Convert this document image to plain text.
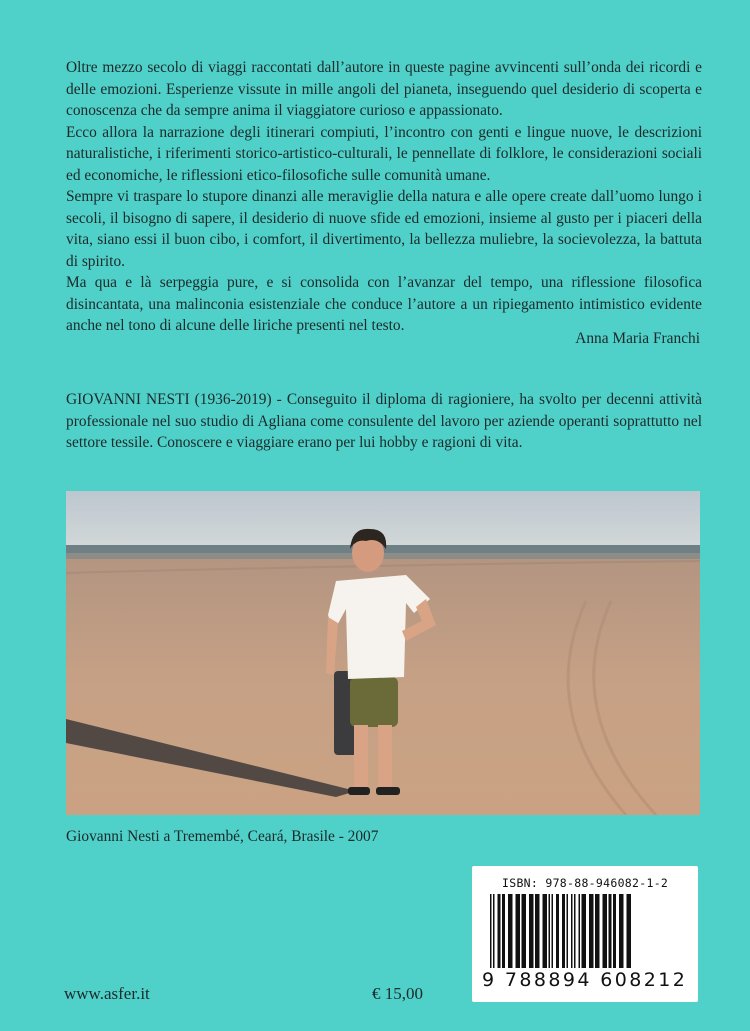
Oltre mezzo secolo di viaggi raccontati dall’autore in queste pagine avvincenti sull’onda dei ricordi e delle emozioni. Esperienze vissute in mille angoli del pianeta, inseguendo quel desiderio di scoperta e conoscenza che da sempre anima il viaggiatore curioso e appassionato.

Ecco allora la narrazione degli itinerari compiuti, l’incontro con genti e lingue nuove, le descrizioni naturalistiche, i riferimenti storico-artistico-culturali, le pennellate di folklore, le considerazioni sociali ed economiche, le riflessioni etico-filosofiche sulle comunità umane.

Sempre vi traspare lo stupore dinanzi alle meraviglie della natura e alle opere create dall’uomo lungo i secoli, il bisogno di sapere, il desiderio di nuove sfide ed emozioni, insieme al gusto per i piaceri della vita, siano essi il buon cibo, i comfort, il divertimento, la bellezza muliebre, la socievolezza, la battuta di spirito.

Ma qua e là serpeggia pure, e si consolida con l’avanzar del tempo, una riflessione filosofica disincantata, una malinconia esistenziale che conduce l’autore a un ripiegamento intimistico evidente anche nel tono di alcune delle liriche presenti nel testo.

Anna Maria Franchi
GIOVANNI NESTI (1936-2019) - Conseguito il diploma di ragioniere, ha svolto per decenni attività professionale nel suo studio di Agliana come consulente del lavoro per aziende operanti soprattutto nel settore tessile. Conoscere e viaggiare erano per lui hobby e ragioni di vita.
Giovanni Nesti a Tremembé, Ceará, Brasile - 2007
ISBN: 978-88-946082-1-2
9 788894 608212
www.asfer.it	€ 15,00
